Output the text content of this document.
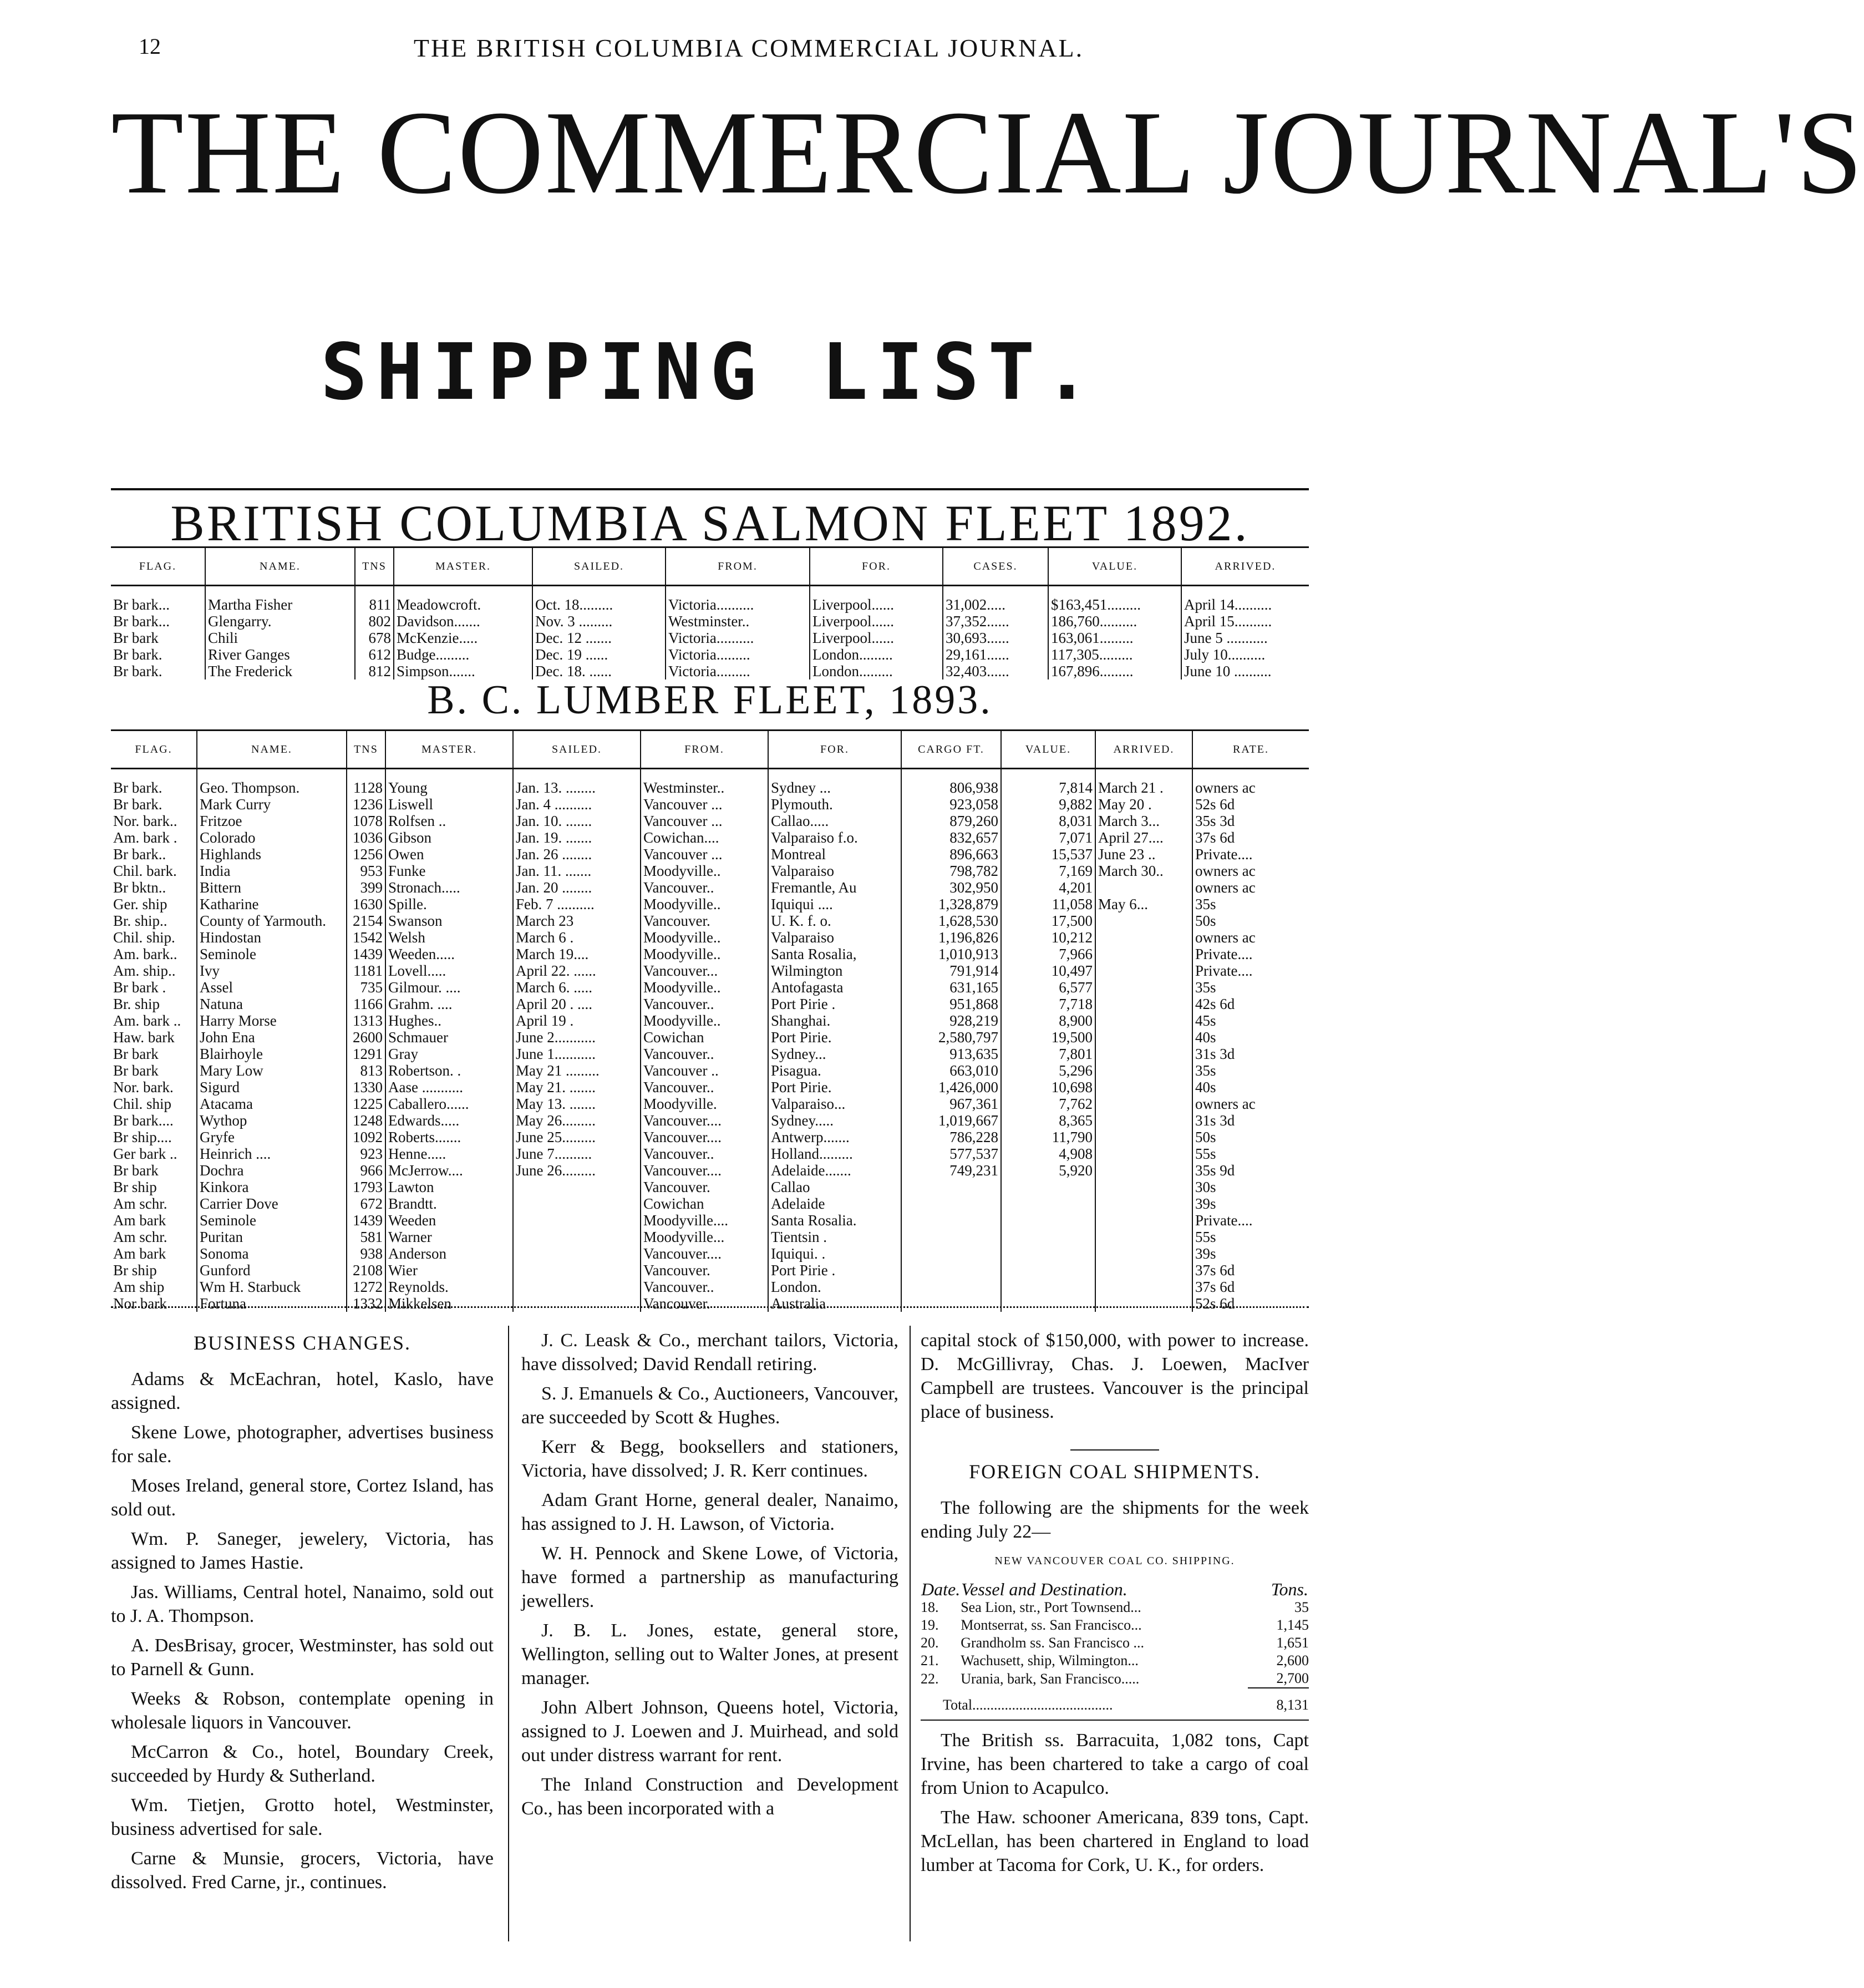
12	THE BRITISH COLUMBIA COMMERCIAL JOURNAL.
THE COMMERCIAL JOURNAL'S
SHIPPING LIST.
BRITISH COLUMBIA SALMON FLEET 1892.
FLAG.	NAME.	TNS	MASTER.	SAILED.	FROM.	FOR.	CASES.	VALUE.	ARRIVED.
Br bark...	Martha Fisher	811	Meadowcroft.	Oct. 18.........	Victoria..........	Liverpool......	31,002.....	$163,451.........	April 14..........
Br bark...	Glengarry.	802	Davidson.......	Nov. 3 .........	Westminster..	Liverpool......	37,352......	186,760..........	April 15..........
Br bark	Chili	678	McKenzie.....	Dec. 12 .......	Victoria..........	Liverpool......	30,693......	163,061.........	June 5 ...........
Br bark.	River Ganges	612	Budge.........	Dec. 19 ......	Victoria.........	London.........	29,161......	117,305.........	July 10..........
Br bark.	The Frederick	812	Simpson.......	Dec. 18. ......	Victoria.........	London.........	32,403......	167,896.........	June 10 ..........
B. C. LUMBER FLEET, 1893.
FLAG.	NAME.	TNS	MASTER.	SAILED.	FROM.	FOR.	CARGO FT.	VALUE.	ARRIVED.	RATE.
Br bark.	Geo. Thompson.	1128	Young	Jan. 13. ........	Westminster..	Sydney ...	806,938	7,814	March 21 .	owners ac
Br bark.	Mark Curry	1236	Liswell	Jan. 4 ..........	Vancouver ...	Plymouth.	923,058	9,882	May 20 .	52s 6d
Nor. bark..	Fritzoe	1078	Rolfsen ..	Jan. 10. .......	Vancouver ...	Callao.....	879,260	8,031	March 3...	35s 3d
Am. bark .	Colorado	1036	Gibson	Jan. 19. .......	Cowichan....	Valparaiso f.o.	832,657	7,071	April 27....	37s 6d
Br bark..	Highlands	1256	Owen	Jan. 26 ........	Vancouver ...	Montreal	896,663	15,537	June 23 ..	Private....
Chil. bark.	India	953	Funke	Jan. 11. .......	Moodyville..	Valparaiso	798,782	7,169	March 30..	owners ac
Br bktn..	Bittern	399	Stronach.....	Jan. 20 ........	Vancouver..	Fremantle, Au	302,950	4,201		owners ac
Ger. ship	Katharine	1630	Spille.	Feb. 7 ..........	Moodyville..	Iquiqui ....	1,328,879	11,058	May 6...	35s
Br. ship..	County of Yarmouth.	2154	Swanson	March 23	Vancouver.	U. K. f. o.	1,628,530	17,500		50s
Chil. ship.	Hindostan	1542	Welsh	March 6 .	Moodyville..	Valparaiso	1,196,826	10,212		owners ac
Am. bark..	Seminole	1439	Weeden.....	March 19....	Moodyville..	Santa Rosalia,	1,010,913	7,966		Private....
Am. ship..	Ivy	1181	Lovell.....	April 22. ......	Vancouver...	Wilmington	791,914	10,497		Private....
Br bark .	Assel	735	Gilmour. ....	March 6. .....	Moodyville..	Antofagasta	631,165	6,577		35s
Br. ship	Natuna	1166	Grahm. ....	April 20 . ....	Vancouver..	Port Pirie .	951,868	7,718		42s 6d
Am. bark ..	Harry Morse	1313	Hughes..	April 19 .	Moodyville..	Shanghai.	928,219	8,900		45s
Haw. bark	John Ena	2600	Schmauer	June 2...........	Cowichan	Port Pirie.	2,580,797	19,500		40s
Br bark	Blairhoyle	1291	Gray	June 1...........	Vancouver..	Sydney...	913,635	7,801		31s 3d
Br bark	Mary Low	813	Robertson. .	May 21 .........	Vancouver ..	Pisagua.	663,010	5,296		35s
Nor. bark.	Sigurd	1330	Aase ...........	May 21. .......	Vancouver..	Port Pirie.	1,426,000	10,698		40s
Chil. ship	Atacama	1225	Caballero......	May 13. .......	Moodyville.	Valparaiso...	967,361	7,762		owners ac
Br bark....	Wythop	1248	Edwards.....	May 26.........	Vancouver....	Sydney.....	1,019,667	8,365		31s 3d
Br ship....	Gryfe	1092	Roberts.......	June 25.........	Vancouver....	Antwerp.......	786,228	11,790		50s
Ger bark ..	Heinrich ....	923	Henne.....	June 7..........	Vancouver..	Holland.........	577,537	4,908		55s
Br bark	Dochra	966	McJerrow....	June 26.........	Vancouver....	Adelaide.......	749,231	5,920		35s 9d
Br ship	Kinkora	1793	Lawton		Vancouver.	Callao				30s
Am schr.	Carrier Dove	672	Brandtt.		Cowichan	Adelaide				39s
Am bark	Seminole	1439	Weeden		Moodyville....	Santa Rosalia.				Private....
Am schr.	Puritan	581	Warner		Moodyville...	Tientsin .				55s
Am bark	Sonoma	938	Anderson		Vancouver....	Iquiqui. .				39s
Br ship	Gunford	2108	Wier		Vancouver.	Port Pirie .				37s 6d
Am ship	Wm H. Starbuck	1272	Reynolds.		Vancouver..	London.				37s 6d
Nor bark	Fortuna	1332	Mikkelsen		Vancouver.	Australia				52s 6d
BUSINESS CHANGES.

Adams & McEachran, hotel, Kaslo, have assigned.

Skene Lowe, photographer, advertises business for sale.

Moses Ireland, general store, Cortez Island, has sold out.

Wm. P. Saneger, jewelery, Victoria, has assigned to James Hastie.

Jas. Williams, Central hotel, Nanaimo, sold out to J. A. Thompson.

A. DesBrisay, grocer, Westminster, has sold out to Parnell & Gunn.

Weeks & Robson, contemplate opening in wholesale liquors in Vancouver.

McCarron & Co., hotel, Boundary Creek, succeeded by Hurdy & Sutherland.

Wm. Tietjen, Grotto hotel, Westminster, business advertised for sale.

Carne & Munsie, grocers, Victoria, have dissolved. Fred Carne, jr., continues.

J. C. Leask & Co., merchant tailors, Victoria, have dissolved; David Rendall retiring.

S. J. Emanuels & Co., Auctioneers, Vancouver, are succeeded by Scott & Hughes.

Kerr & Begg, booksellers and stationers, Victoria, have dissolved; J. R. Kerr continues.

Adam Grant Horne, general dealer, Nanaimo, has assigned to J. H. Lawson, of Victoria.

W. H. Pennock and Skene Lowe, of Victoria, have formed a partnership as manufacturing jewellers.

J. B. L. Jones, estate, general store, Wellington, selling out to Walter Jones, at present manager.

John Albert Johnson, Queens hotel, Victoria, assigned to J. Loewen and J. Muirhead, and sold out under distress warrant for rent.

The Inland Construction and Development Co., has been incorporated with a

capital stock of $150,000, with power to increase. D. McGillivray, Chas. J. Loewen, MacIver Campbell are trustees. Vancouver is the principal place of business.

FOREIGN COAL SHIPMENTS.

The following are the shipments for the week ending July 22—

NEW VANCOUVER COAL CO. SHIPPING.
Date.	Vessel and Destination.	Tons.
18.	Sea Lion, str., Port Townsend...	35
19.	Montserrat, ss. San Francisco...	1,145
20.	Grandholm ss. San Francisco ...	1,651
21.	Wachusett, ship, Wilmington...	2,600
22.	Urania, bark, San Francisco.....	2,700
Total.......................................		8,131

The British ss. Barracuita, 1,082 tons, Capt Irvine, has been chartered to take a cargo of coal from Union to Acapulco.

The Haw. schooner Americana, 839 tons, Capt. McLellan, has been chartered in England to load lumber at Tacoma for Cork, U. K., for orders.
